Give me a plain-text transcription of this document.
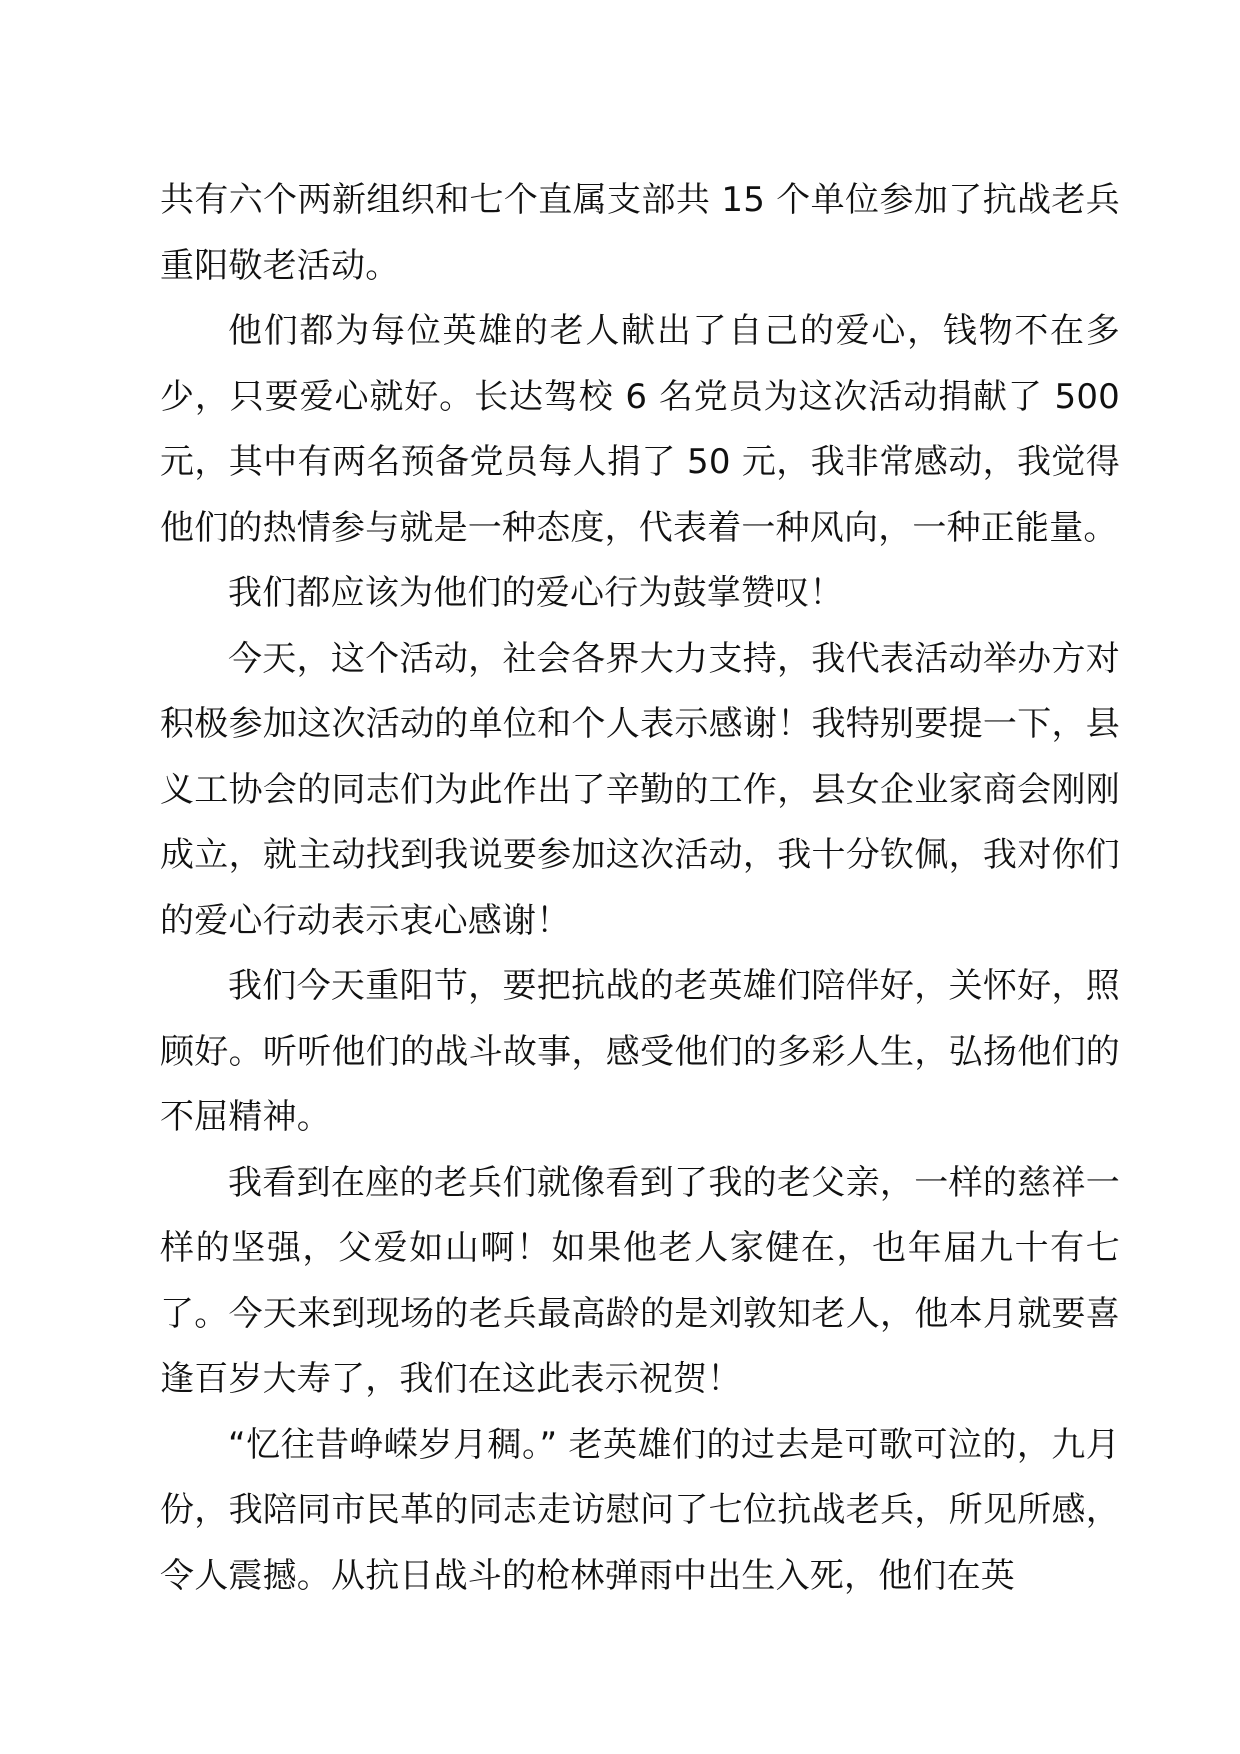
共有六个两新组织和七个直属支部共 15 个单位参加了抗战老兵重阳敬老活动。

他们都为每位英雄的老人献出了自己的爱心，钱物不在多少，只要爱心就好。长达驾校 6 名党员为这次活动捐献了 500 元，其中有两名预备党员每人捐了 50 元，我非常感动，我觉得他们的热情参与就是一种态度，代表着一种风向，一种正能量。

我们都应该为他们的爱心行为鼓掌赞叹！

今天，这个活动，社会各界大力支持，我代表活动举办方对积极参加这次活动的单位和个人表示感谢！我特别要提一下，县义工协会的同志们为此作出了辛勤的工作，县女企业家商会刚刚成立，就主动找到我说要参加这次活动，我十分钦佩，我对你们的爱心行动表示衷心感谢！

我们今天重阳节，要把抗战的老英雄们陪伴好，关怀好，照顾好。听听他们的战斗故事，感受他们的多彩人生，弘扬他们的不屈精神。

我看到在座的老兵们就像看到了我的老父亲，一样的慈祥一样的坚强，父爱如山啊！如果他老人家健在，也年届九十有七了。今天来到现场的老兵最高龄的是刘敦知老人，他本月就要喜逢百岁大寿了，我们在这此表示祝贺！

“忆往昔峥嵘岁月稠。” 老英雄们的过去是可歌可泣的，九月份，我陪同市民革的同志走访慰问了七位抗战老兵，所见所感，令人震撼。从抗日战斗的枪林弹雨中出生入死，他们在英
